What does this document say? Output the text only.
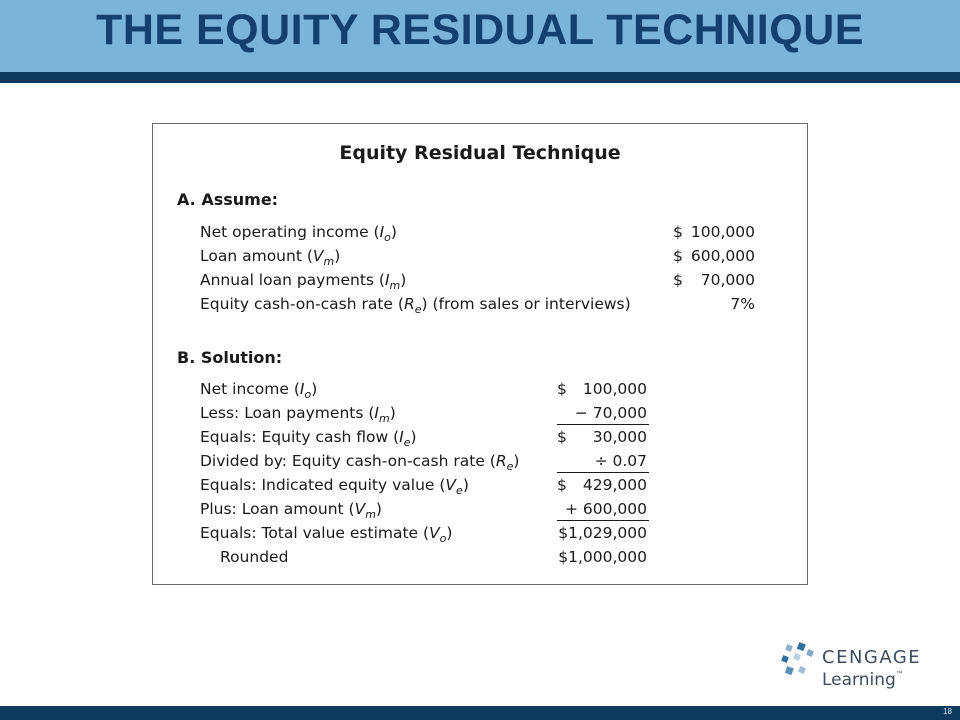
THE EQUITY RESIDUAL TECHNIQUE
Equity Residual Technique
A. Assume:
Net operating income $(I_o)$	$ 100,000
Loan amount $(V_m)$	$ 600,000
Annual loan payments $(I_m)$	$ 70,000
Equity cash-on-cash rate $(R_e)$ (from sales or interviews)	7%
B. Solution:
Net income $(I_o)$	$ 100,000
Less: Loan payments $(I_m)$	− 70,000
Equals: Equity cash flow $(I_e)$	$ 30,000
Divided by: Equity cash-on-cash rate $(R_e)$	÷ 0.07
Equals: Indicated equity value $(V_e)$	$ 429,000
Plus: Loan amount $(V_m)$	+ 600,000
Equals: Total value estimate $(V_o)$	$1,029,000
Rounded	$1,000,000
CENGAGE
Learning™
18
